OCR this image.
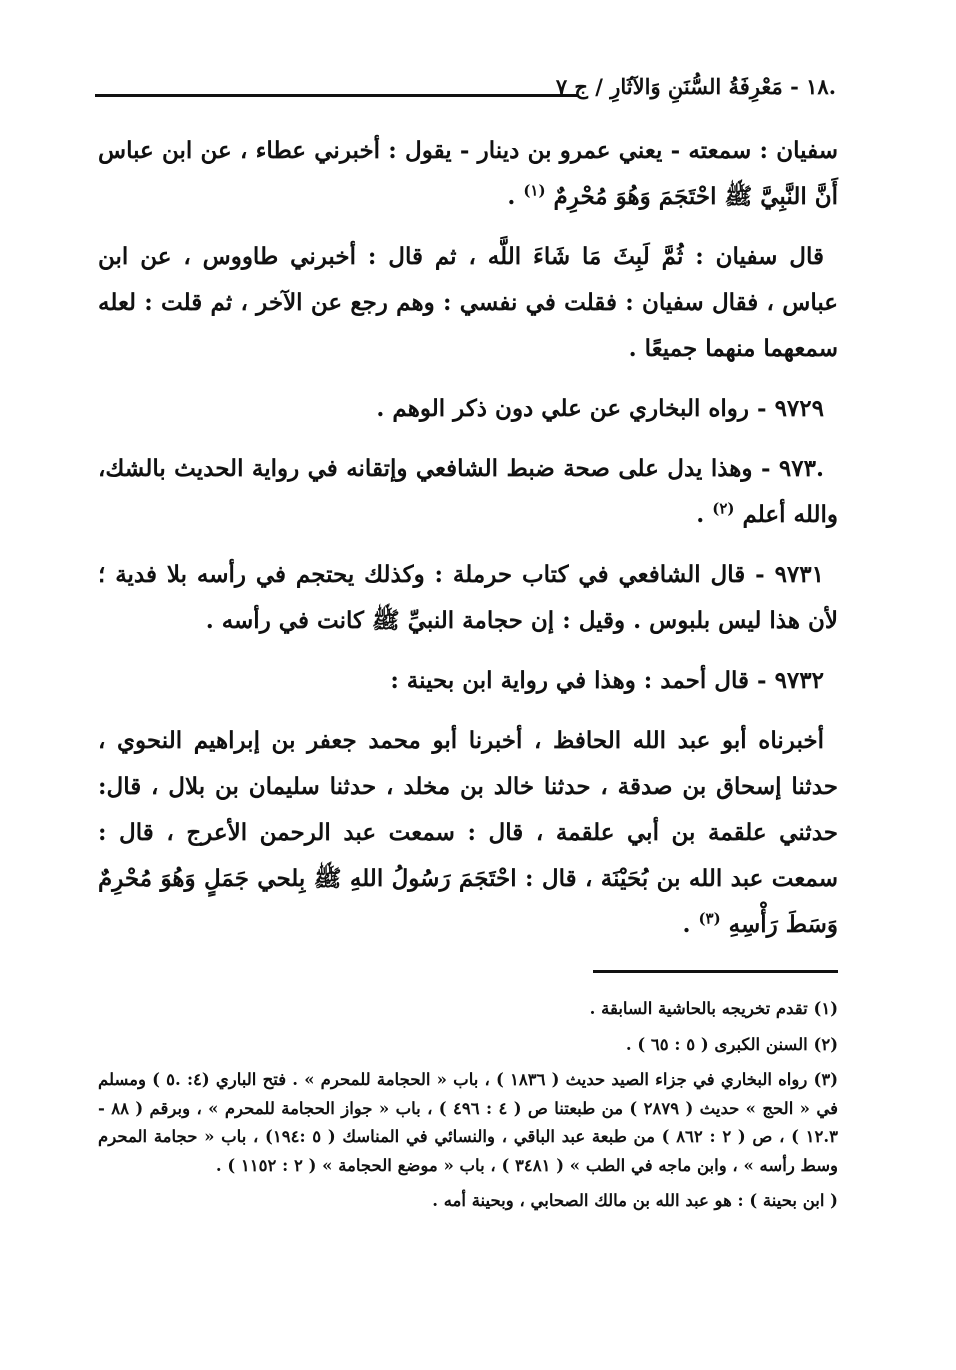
.١٨ - مَعْرِفَةُ السُّنَنِ وَالآثَارِ / ج ٧

سفيان : سمعته - يعني عمرو بن دينار - يقول : أخبرني عطاء ، عن ابن عباس أَنَّ النَّبِيَّ ﷺ احْتَجَمَ وَهُوَ مُحْرِمٌ $^{(١)}$ .

قال سفيان : ثُمَّ لَبِثَ مَا شَاءَ اللَّه ، ثم قال : أخبرني طاووس ، عن ابن عباس ، فقال سفيان : فقلت في نفسي : وهم رجع عن الآخر ، ثم قلت : لعله سمعهما منهما جميعًا .

٩٧٢٩ - رواه البخاري عن علي دون ذكر الوهم .

.٩٧٣ - وهذا يدل على صحة ضبط الشافعي وإتقانه في رواية الحديث بالشك، والله أعلم $^{(٢)}$ .

٩٧٣١ - قال الشافعي في كتاب حرملة : وكذلك يحتجم في رأسه بلا فدية ؛ لأن هذا ليس بلبوس . وقيل : إن حجامة النبيِّ ﷺ كانت في رأسه .

٩٧٣٢ - قال أحمد : وهذا في رواية ابن بحينة :

أخبرناه أبو عبد الله الحافظ ، أخبرنا أبو محمد جعفر بن إبراهيم النحوي ، حدثنا إسحاق بن صدقة ، حدثنا خالد بن مخلد ، حدثنا سليمان بن بلال ، قال: حدثني علقمة بن أبي علقمة ، قال : سمعت عبد الرحمن الأعرج ، قال : سمعت عبد الله بن بُحَيْنَة ، قال : احْتَجَمَ رَسُولُ اللهِ ﷺ بِلحي جَمَلٍ وَهُوَ مُحْرِمٌ وَسَطَ رَأْسِهِ $^{(٣)}$ .

(١) تقدم تخريجه بالحاشية السابقة .

(٢) السنن الكبرى ( ٥ : ٦٥ ) .

(٣) رواه البخاري في جزاء الصيد حديث ( ١٨٣٦ ) ، باب « الحجامة للمحرم » . فتح الباري (٤: .٥ ) ومسلم في « الحج » حديث ( ٢٨٧٩ ) من طبعتنا ص ( ٤ : ٤٩٦ ) ، باب « جواز الحجامة للمحرم » ، وبرقم ( ٨٨ - ١٢.٣ ) ، ص ( ٢ : ٨٦٢ ) من طبعة عبد الباقي ، والنسائي في المناسك ( ٥ :١٩٤) ، باب « حجامة المحرم وسط رأسه » ، وابن ماجه في الطب » ( ٣٤٨١ ) ، باب « موضع الحجامة » ( ٢ : ١١٥٢ ) .

( ابن بحينة ) : هو عبد الله بن مالك الصحابي ، وبحينة أمه .
